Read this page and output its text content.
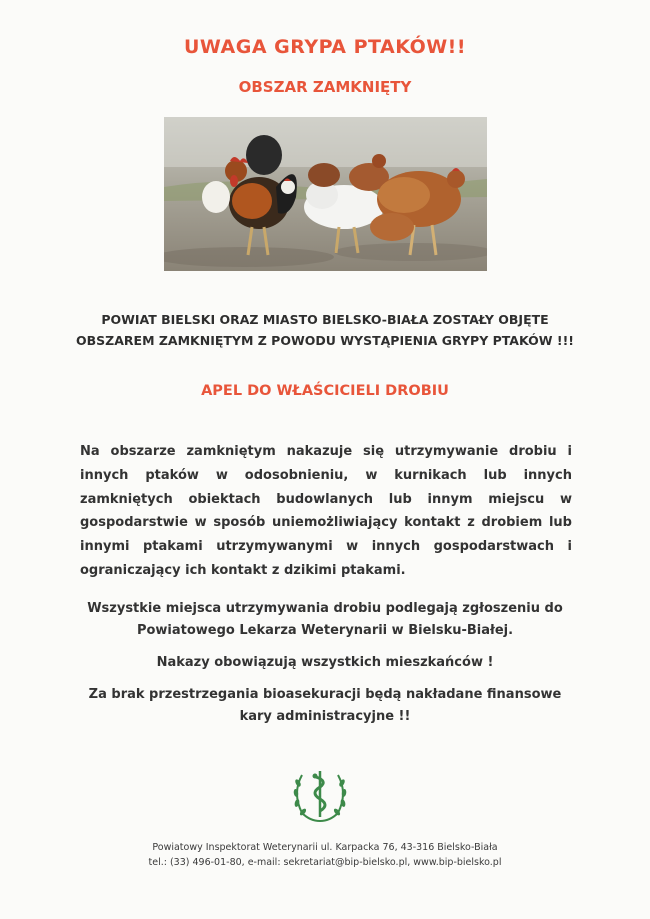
UWAGA GRYPA PTAKÓW!!
OBSZAR ZAMKNIĘTY
POWIAT BIELSKI ORAZ MIASTO BIELSKO-BIAŁA ZOSTAŁY OBJĘTE
OBSZAREM ZAMKNIĘTYM Z POWODU WYSTĄPIENIA GRYPY PTAKÓW !!!
APEL DO WŁAŚCICIELI DROBIU
Na obszarze zamkniętym nakazuje się utrzymywanie drobiu i innych ptaków w odosobnieniu, w kurnikach lub innych zamkniętych obiektach budowlanych lub innym miejscu w gospodarstwie w sposób uniemożliwiający kontakt z drobiem lub innymi ptakami utrzymywanymi w innych gospodarstwach i ograniczający ich kontakt z dzikimi ptakami.
Wszystkie miejsca utrzymywania drobiu podlegają zgłoszeniu do
Powiatowego Lekarza Weterynarii w Bielsku-Białej.
Nakazy obowiązują wszystkich mieszkańców !
Za brak przestrzegania bioasekuracji będą nakładane finansowe
kary administracyjne !!
Powiatowy Inspektorat Weterynarii ul. Karpacka 76, 43-316 Bielsko-Biała
tel.: (33) 496-01-80, e-mail: sekretariat@bip-bielsko.pl, www.bip-bielsko.pl
